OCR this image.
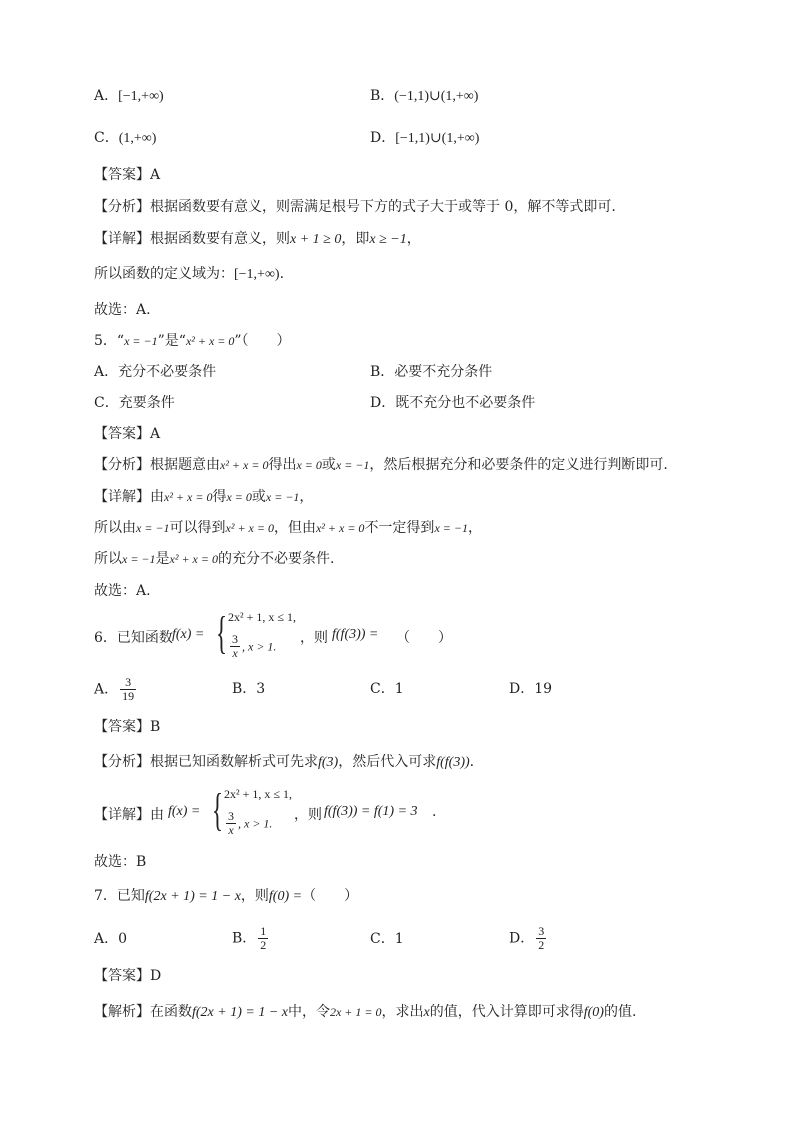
A．[−1,+∞)	B．(−1,1)∪(1,+∞)
C．(1,+∞)	D．[−1,1)∪(1,+∞)
【答案】A
【分析】根据函数要有意义，则需满足根号下方的式子大于或等于 0，解不等式即可.
【详解】根据函数要有意义，则x + 1 ≥ 0，即x ≥ −1，
所以函数的定义域为：[−1,+∞).
故选：A.
5．“x = −1”是“x² + x = 0”（　　）
A．充分不必要条件	B．必要不充分条件
C．充要条件	D．既不充分也不必要条件
【答案】A
【分析】根据题意由x² + x = 0得出x = 0或x = −1，然后根据充分和必要条件的定义进行判断即可.
【详解】由x² + x = 0得x = 0或x = −1，
所以由x = −1可以得到x² + x = 0，但由x² + x = 0不一定得到x = −1，
所以x = −1是x² + x = 0的充分不必要条件.
故选：A.
6．已知函数 f(x) = { 2x² + 1, x ≤ 1,
$\frac{3}{x}$ , x > 1.
，则 f(f(3)) = （　　）
A． $\frac{3}{19}$	B．3	C．1	D．19
【答案】B
【分析】根据已知函数解析式可先求f(3)，然后代入可求f(f(3)).
【详解】 由 f(x) = { 2x² + 1, x ≤ 1,
$\frac{3}{x}$ , x > 1.
，则 f(f(3)) = f(1) = 3 .
故选：B
7．已知f(2x + 1) = 1 − x，则f(0) =（　　）
A．0	B． $\frac{1}{2}$	C．1	D． $\frac{3}{2}$
【答案】D
【解析】在函数f(2x + 1) = 1 − x中，令2x + 1 = 0，求出x的值，代入计算即可求得f(0)的值.
